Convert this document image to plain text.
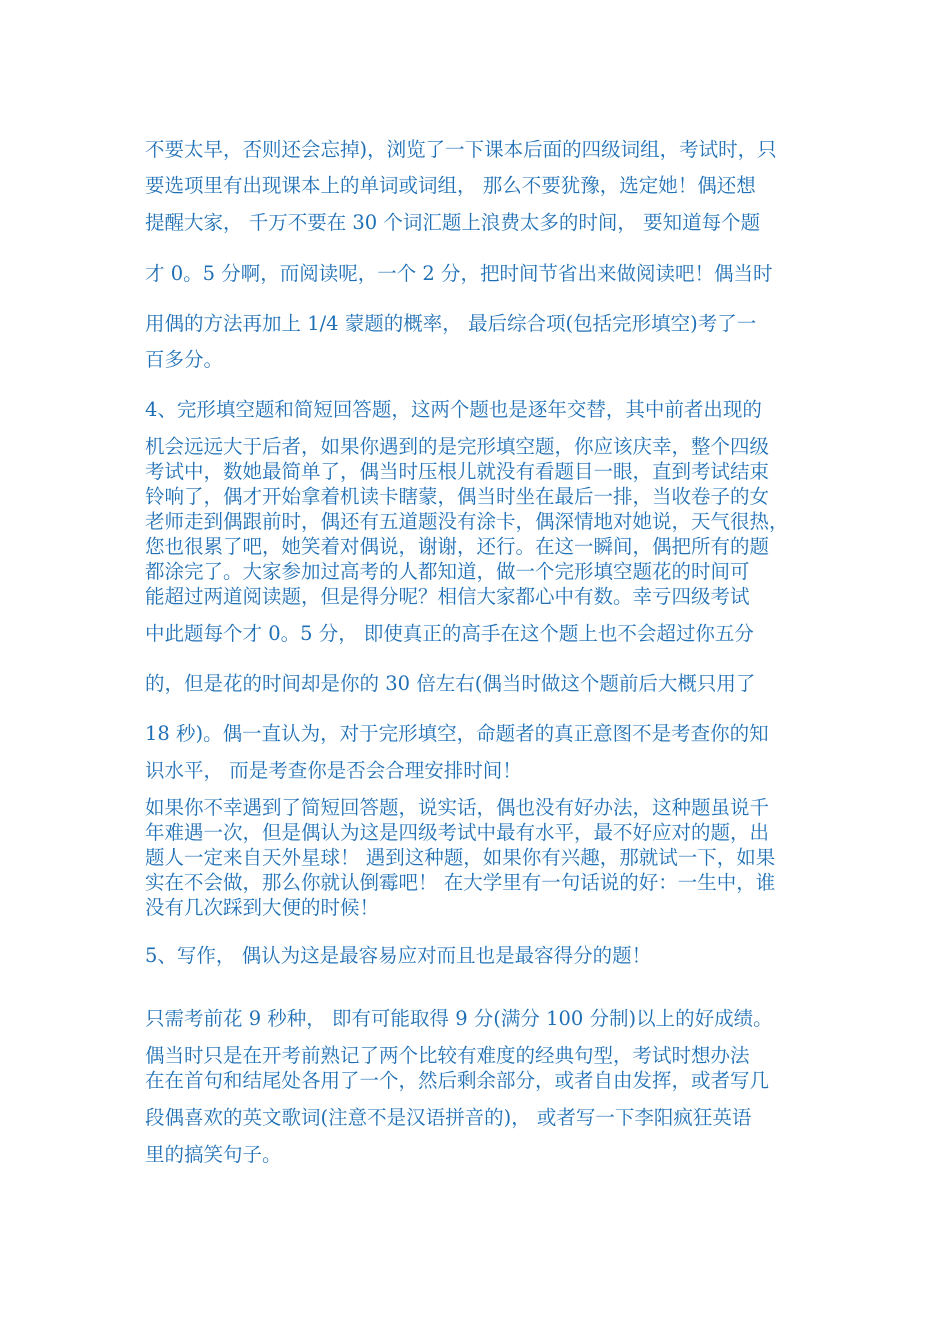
不要太早，否则还会忘掉)，浏览了一下课本后面的四级词组，考试时，只
要选项里有出现课本上的单词或词组， 那么不要犹豫，选定她！偶还想
提醒大家， 千万不要在 30 个词汇题上浪费太多的时间， 要知道每个题
才 0。5 分啊，而阅读呢，一个 2 分，把时间节省出来做阅读吧！偶当时
用偶的方法再加上 1/4 蒙题的概率， 最后综合项(包括完形填空)考了一
百多分。
4、完形填空题和简短回答题，这两个题也是逐年交替，其中前者出现的
机会远远大于后者，如果你遇到的是完形填空题，你应该庆幸，整个四级
考试中，数她最简单了，偶当时压根儿就没有看题目一眼，直到考试结束
铃响了，偶才开始拿着机读卡瞎蒙，偶当时坐在最后一排，当收卷子的女
老师走到偶跟前时，偶还有五道题没有涂卡，偶深情地对她说，天气很热，
您也很累了吧，她笑着对偶说，谢谢，还行。在这一瞬间，偶把所有的题
都涂完了。大家参加过高考的人都知道，做一个完形填空题花的时间可
能超过两道阅读题，但是得分呢？相信大家都心中有数。幸亏四级考试
中此题每个才 0。5 分， 即使真正的高手在这个题上也不会超过你五分
的，但是花的时间却是你的 30 倍左右(偶当时做这个题前后大概只用了
18 秒)。偶一直认为，对于完形填空，命题者的真正意图不是考查你的知
识水平， 而是考查你是否会合理安排时间！
如果你不幸遇到了简短回答题，说实话，偶也没有好办法，这种题虽说千
年难遇一次，但是偶认为这是四级考试中最有水平，最不好应对的题，出
题人一定来自天外星球！ 遇到这种题，如果你有兴趣，那就试一下，如果
实在不会做，那么你就认倒霉吧！ 在大学里有一句话说的好：一生中，谁
没有几次踩到大便的时候！
5、写作， 偶认为这是最容易应对而且也是最容得分的题！
只需考前花 9 秒种， 即有可能取得 9 分(满分 100 分制)以上的好成绩。
偶当时只是在开考前熟记了两个比较有难度的经典句型，考试时想办法
在在首句和结尾处各用了一个，然后剩余部分，或者自由发挥，或者写几
段偶喜欢的英文歌词(注意不是汉语拼音的)， 或者写一下李阳疯狂英语
里的搞笑句子。
